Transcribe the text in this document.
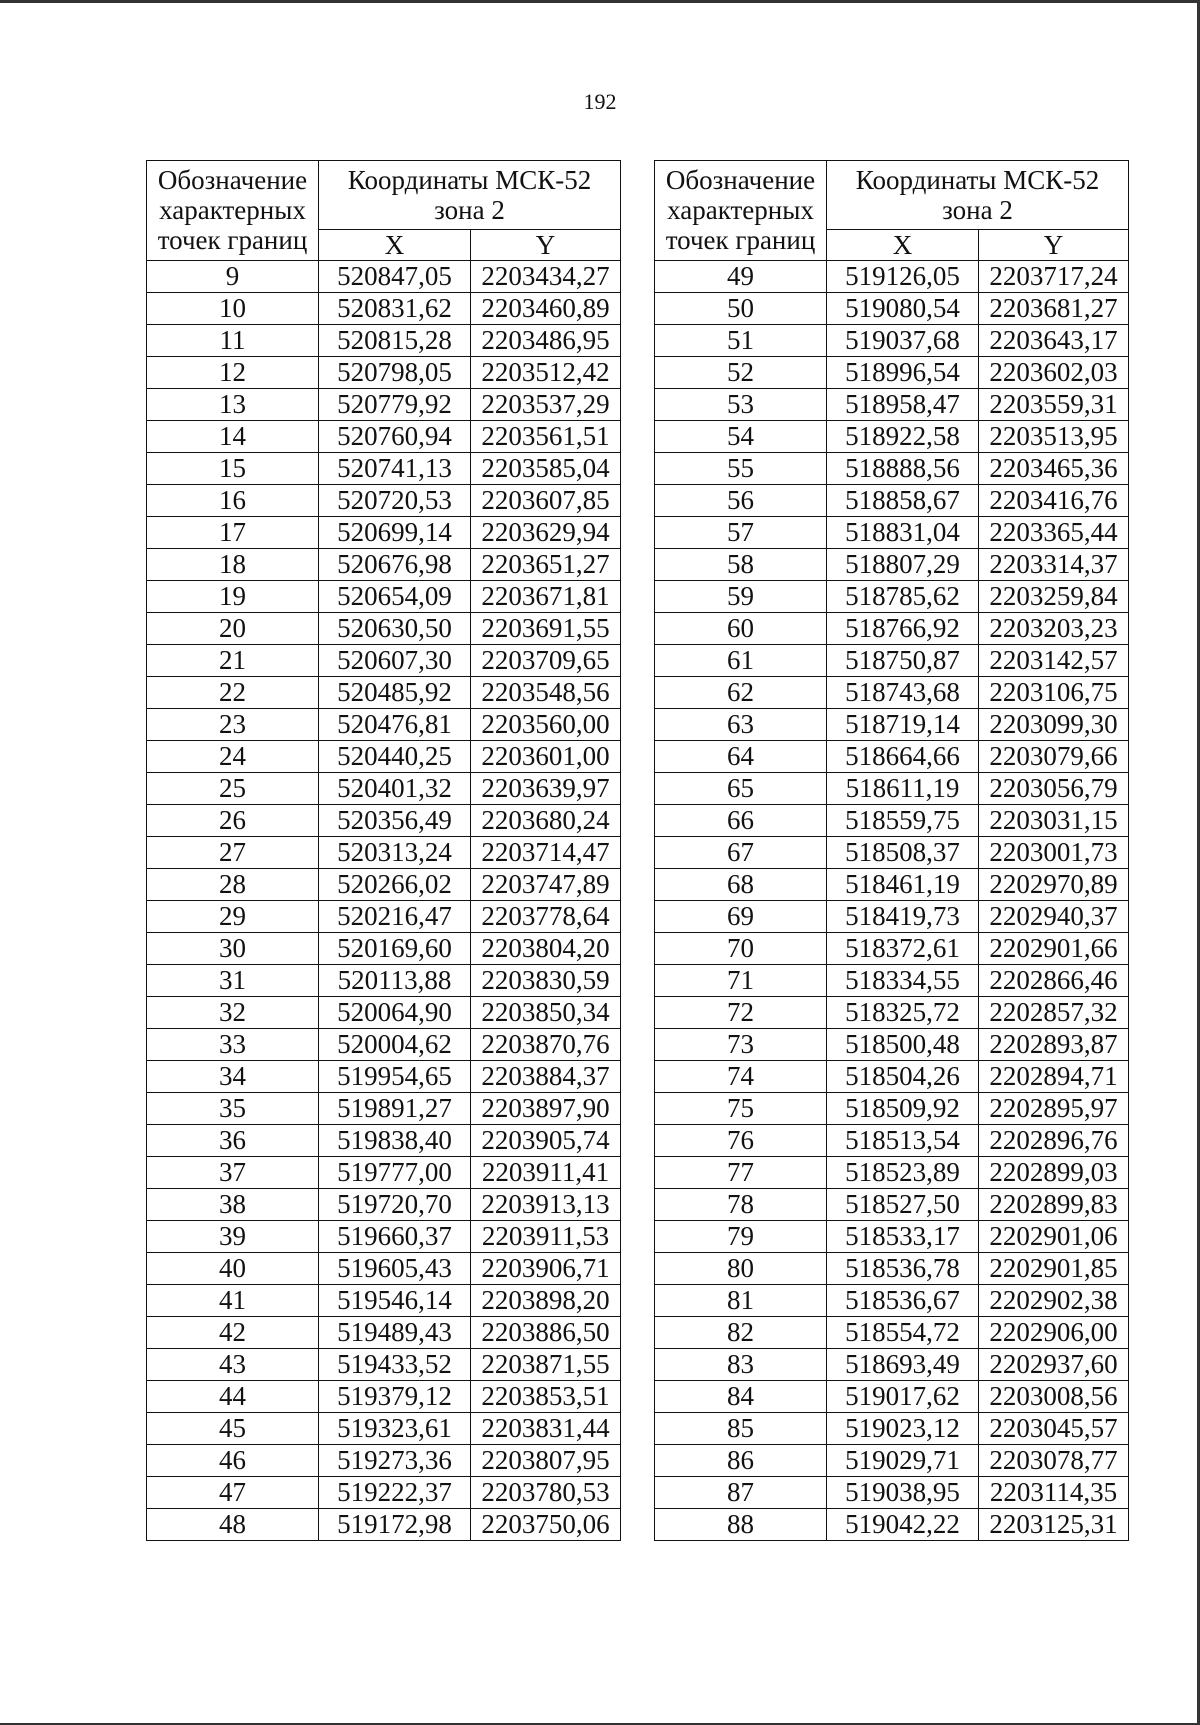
192
Обозначение
характерных
точек границ	Координаты МСК-52
зона 2	
	X	Y
9	520847,05	2203434,27
10	520831,62	2203460,89
11	520815,28	2203486,95
12	520798,05	2203512,42
13	520779,92	2203537,29
14	520760,94	2203561,51
15	520741,13	2203585,04
16	520720,53	2203607,85
17	520699,14	2203629,94
18	520676,98	2203651,27
19	520654,09	2203671,81
20	520630,50	2203691,55
21	520607,30	2203709,65
22	520485,92	2203548,56
23	520476,81	2203560,00
24	520440,25	2203601,00
25	520401,32	2203639,97
26	520356,49	2203680,24
27	520313,24	2203714,47
28	520266,02	2203747,89
29	520216,47	2203778,64
30	520169,60	2203804,20
31	520113,88	2203830,59
32	520064,90	2203850,34
33	520004,62	2203870,76
34	519954,65	2203884,37
35	519891,27	2203897,90
36	519838,40	2203905,74
37	519777,00	2203911,41
38	519720,70	2203913,13
39	519660,37	2203911,53
40	519605,43	2203906,71
41	519546,14	2203898,20
42	519489,43	2203886,50
43	519433,52	2203871,55
44	519379,12	2203853,51
45	519323,61	2203831,44
46	519273,36	2203807,95
47	519222,37	2203780,53
48	519172,98	2203750,06
Обозначение
характерных
точек границ	Координаты МСК-52
зона 2	
	X	Y
49	519126,05	2203717,24
50	519080,54	2203681,27
51	519037,68	2203643,17
52	518996,54	2203602,03
53	518958,47	2203559,31
54	518922,58	2203513,95
55	518888,56	2203465,36
56	518858,67	2203416,76
57	518831,04	2203365,44
58	518807,29	2203314,37
59	518785,62	2203259,84
60	518766,92	2203203,23
61	518750,87	2203142,57
62	518743,68	2203106,75
63	518719,14	2203099,30
64	518664,66	2203079,66
65	518611,19	2203056,79
66	518559,75	2203031,15
67	518508,37	2203001,73
68	518461,19	2202970,89
69	518419,73	2202940,37
70	518372,61	2202901,66
71	518334,55	2202866,46
72	518325,72	2202857,32
73	518500,48	2202893,87
74	518504,26	2202894,71
75	518509,92	2202895,97
76	518513,54	2202896,76
77	518523,89	2202899,03
78	518527,50	2202899,83
79	518533,17	2202901,06
80	518536,78	2202901,85
81	518536,67	2202902,38
82	518554,72	2202906,00
83	518693,49	2202937,60
84	519017,62	2203008,56
85	519023,12	2203045,57
86	519029,71	2203078,77
87	519038,95	2203114,35
88	519042,22	2203125,31
